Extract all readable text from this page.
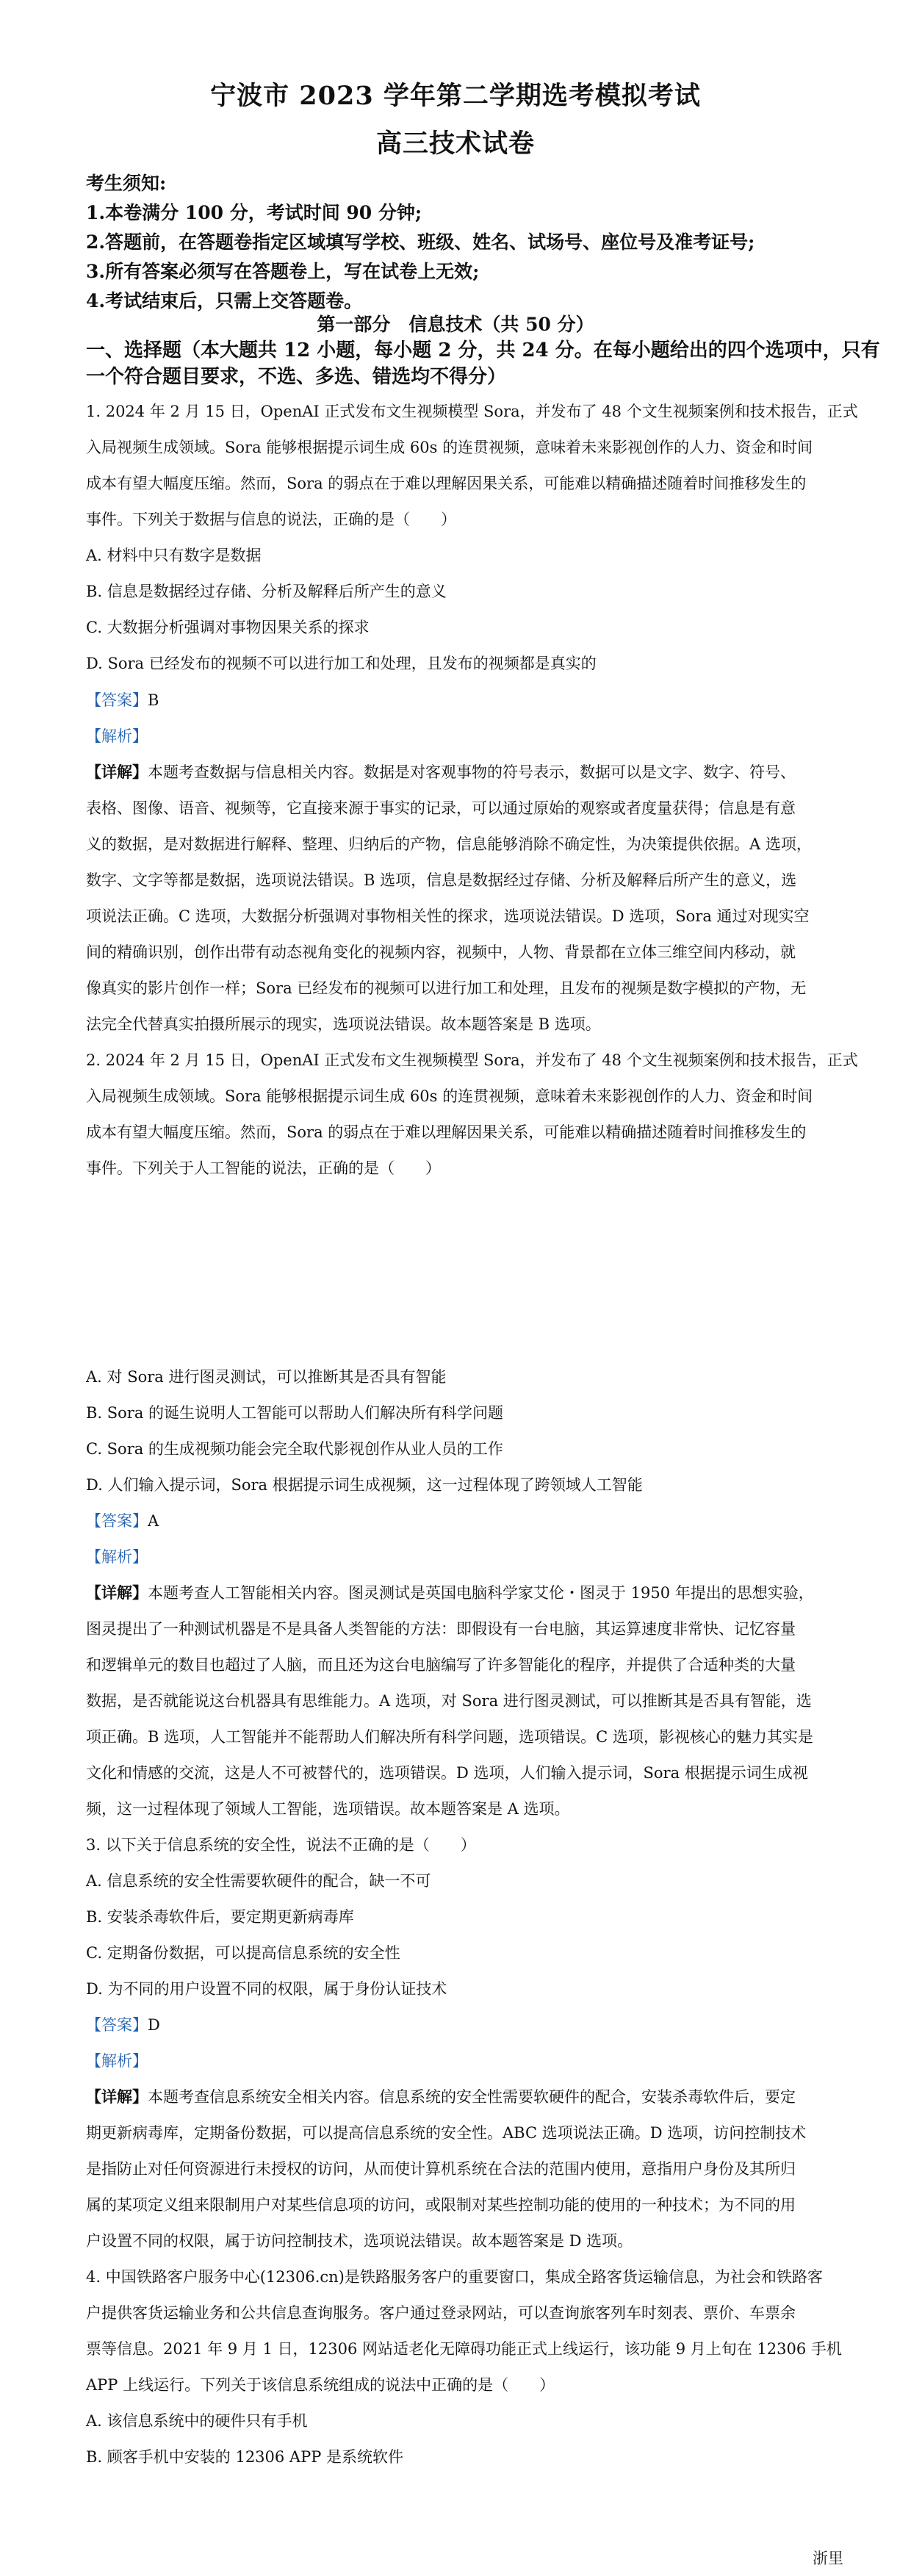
宁波市 2023 学年第二学期选考模拟考试
高三技术试卷
考生须知:
1.本卷满分 100 分，考试时间 90 分钟;
2.答题前，在答题卷指定区域填写学校、班级、姓名、试场号、座位号及准考证号;
3.所有答案必须写在答题卷上，写在试卷上无效;
4.考试结束后，只需上交答题卷。
第一部分　信息技术（共 50 分）
一、选择题（本大题共 12 小题，每小题 2 分，共 24 分。在每小题给出的四个选项中，只有
一个符合题目要求，不选、多选、错选均不得分）
1. 2024 年 2 月 15 日，OpenAI 正式发布文生视频模型 Sora，并发布了 48 个文生视频案例和技术报告，正式
入局视频生成领域。Sora 能够根据提示词生成 60s 的连贯视频，意味着未来影视创作的人力、资金和时间
成本有望大幅度压缩。然而，Sora 的弱点在于难以理解因果关系，可能难以精确描述随着时间推移发生的
事件。下列关于数据与信息的说法，正确的是（　　）
A. 材料中只有数字是数据
B. 信息是数据经过存储、分析及解释后所产生的意义
C. 大数据分析强调对事物因果关系的探求
D. Sora 已经发布的视频不可以进行加工和处理，且发布的视频都是真实的
【答案】B
【解析】
【详解】本题考查数据与信息相关内容。数据是对客观事物的符号表示，数据可以是文字、数字、符号、
表格、图像、语音、视频等，它直接来源于事实的记录，可以通过原始的观察或者度量获得；信息是有意
义的数据，是对数据进行解释、整理、归纳后的产物，信息能够消除不确定性，为决策提供依据。A 选项，
数字、文字等都是数据，选项说法错误。B 选项，信息是数据经过存储、分析及解释后所产生的意义，选
项说法正确。C 选项，大数据分析强调对事物相关性的探求，选项说法错误。D 选项，Sora 通过对现实空
间的精确识别，创作出带有动态视角变化的视频内容，视频中，人物、背景都在立体三维空间内移动，就
像真实的影片创作一样；Sora 已经发布的视频可以进行加工和处理，且发布的视频是数字模拟的产物，无
法完全代替真实拍摄所展示的现实，选项说法错误。故本题答案是 B 选项。
2. 2024 年 2 月 15 日，OpenAI 正式发布文生视频模型 Sora，并发布了 48 个文生视频案例和技术报告，正式
入局视频生成领域。Sora 能够根据提示词生成 60s 的连贯视频，意味着未来影视创作的人力、资金和时间
成本有望大幅度压缩。然而，Sora 的弱点在于难以理解因果关系，可能难以精确描述随着时间推移发生的
事件。下列关于人工智能的说法，正确的是（　　）
A. 对 Sora 进行图灵测试，可以推断其是否具有智能
B. Sora 的诞生说明人工智能可以帮助人们解决所有科学问题
C. Sora 的生成视频功能会完全取代影视创作从业人员的工作
D. 人们输入提示词，Sora 根据提示词生成视频，这一过程体现了跨领域人工智能
【答案】A
【解析】
【详解】本题考查人工智能相关内容。图灵测试是英国电脑科学家艾伦・图灵于 1950 年提出的思想实验，
图灵提出了一种测试机器是不是具备人类智能的方法：即假设有一台电脑，其运算速度非常快、记忆容量
和逻辑单元的数目也超过了人脑，而且还为这台电脑编写了许多智能化的程序，并提供了合适种类的大量
数据，是否就能说这台机器具有思维能力。A 选项，对 Sora 进行图灵测试，可以推断其是否具有智能，选
项正确。B 选项，人工智能并不能帮助人们解决所有科学问题，选项错误。C 选项，影视核心的魅力其实是
文化和情感的交流，这是人不可被替代的，选项错误。D 选项，人们输入提示词，Sora 根据提示词生成视
频，这一过程体现了领域人工智能，选项错误。故本题答案是 A 选项。
3. 以下关于信息系统的安全性，说法不正确的是（　　）
A. 信息系统的安全性需要软硬件的配合，缺一不可
B. 安装杀毒软件后，要定期更新病毒库
C. 定期备份数据，可以提高信息系统的安全性
D. 为不同的用户设置不同的权限，属于身份认证技术
【答案】D
【解析】
【详解】本题考查信息系统安全相关内容。信息系统的安全性需要软硬件的配合，安装杀毒软件后，要定
期更新病毒库，定期备份数据，可以提高信息系统的安全性。ABC 选项说法正确。D 选项，访问控制技术
是指防止对任何资源进行未授权的访问，从而使计算机系统在合法的范围内使用，意指用户身份及其所归
属的某项定义组来限制用户对某些信息项的访问，或限制对某些控制功能的使用的一种技术；为不同的用
户设置不同的权限，属于访问控制技术，选项说法错误。故本题答案是 D 选项。
4. 中国铁路客户服务中心(12306.cn)是铁路服务客户的重要窗口，集成全路客货运输信息，为社会和铁路客
户提供客货运输业务和公共信息查询服务。客户通过登录网站，可以查询旅客列车时刻表、票价、车票余
票等信息。2021 年 9 月 1 日，12306 网站适老化无障碍功能正式上线运行，该功能 9 月上旬在 12306 手机
APP 上线运行。下列关于该信息系统组成的说法中正确的是（　　）
A. 该信息系统中的硬件只有手机
B. 顾客手机中安装的 12306 APP 是系统软件
浙里
